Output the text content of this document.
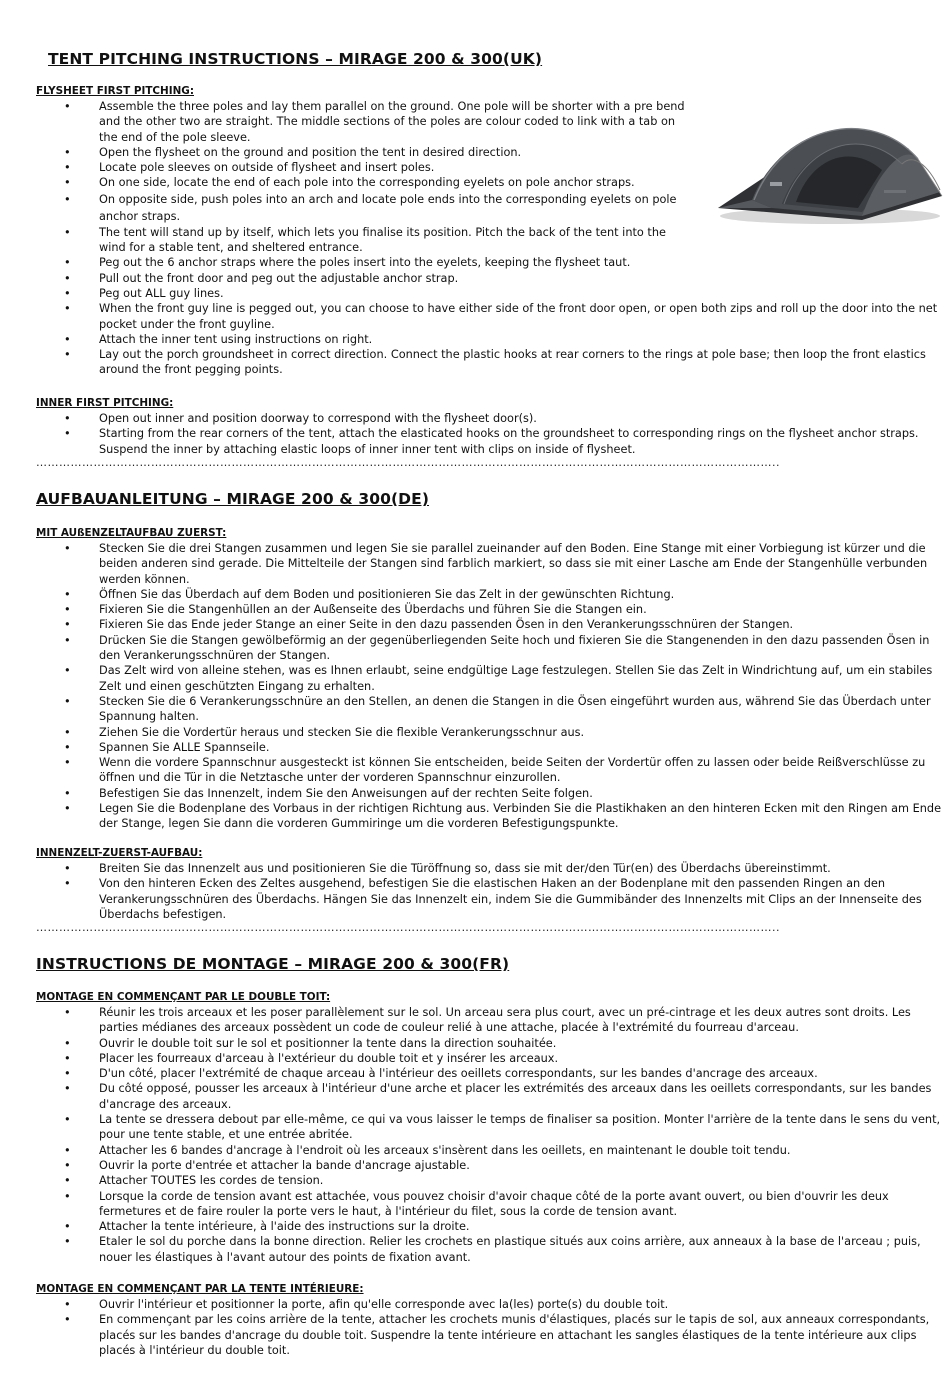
TENT PITCHING INSTRUCTIONS – MIRAGE 200 & 300(UK)
FLYSHEET FIRST PITCHING:
• Assemble the three poles and lay them parallel on the ground. One pole will be shorter with a pre bend and the other two are straight. The middle sections of the poles are colour coded to link with a tab on the end of the pole sleeve.
• Open the flysheet on the ground and position the tent in desired direction.
• Locate pole sleeves on outside of flysheet and insert poles.
• On one side, locate the end of each pole into the corresponding eyelets on pole anchor straps.
• On opposite side, push poles into an arch and locate pole ends into the corresponding eyelets on pole anchor straps.
• The tent will stand up by itself, which lets you finalise its position. Pitch the back of the tent into the wind for a stable tent, and sheltered entrance.
• Peg out the 6 anchor straps where the poles insert into the eyelets, keeping the flysheet taut.
• Pull out the front door and peg out the adjustable anchor strap.
• Peg out ALL guy lines.
• When the front guy line is pegged out, you can choose to have either side of the front door open, or open both zips and roll up the door into the net pocket under the front guyline.
• Attach the inner tent using instructions on right.
• Lay out the porch groundsheet in correct direction. Connect the plastic hooks at rear corners to the rings at pole base; then loop the front elastics around the front pegging points.
INNER FIRST PITCHING:
• Open out inner and position doorway to correspond with the flysheet door(s).
• Starting from the rear corners of the tent, attach the elasticated hooks on the groundsheet to corresponding rings on the flysheet anchor straps. Suspend the inner by attaching elastic loops of inner inner tent with clips on inside of flysheet.
…………………………………………………………………………………………………………………………………………………………………………..
AUFBAUANLEITUNG – MIRAGE 200 & 300(DE)
MIT AUßENZELTAUFBAU ZUERST:
• Stecken Sie die drei Stangen zusammen und legen Sie sie parallel zueinander auf den Boden. Eine Stange mit einer Vorbiegung ist kürzer und die beiden anderen sind gerade. Die Mittelteile der Stangen sind farblich markiert, so dass sie mit einer Lasche am Ende der Stangenhülle verbunden werden können.
• Öffnen Sie das Überdach auf dem Boden und positionieren Sie das Zelt in der gewünschten Richtung.
• Fixieren Sie die Stangenhüllen an der Außenseite des Überdachs und führen Sie die Stangen ein.
• Fixieren Sie das Ende jeder Stange an einer Seite in den dazu passenden Ösen in den Verankerungsschnüren der Stangen.
• Drücken Sie die Stangen gewölbeförmig an der gegenüberliegenden Seite hoch und fixieren Sie die Stangenenden in den dazu passenden Ösen in den Verankerungsschnüren der Stangen.
• Das Zelt wird von alleine stehen, was es Ihnen erlaubt, seine endgültige Lage festzulegen. Stellen Sie das Zelt in Windrichtung auf, um ein stabiles Zelt und einen geschützten Eingang zu erhalten.
• Stecken Sie die 6 Verankerungsschnüre an den Stellen, an denen die Stangen in die Ösen eingeführt wurden aus, während Sie das Überdach unter Spannung halten.
• Ziehen Sie die Vordertür heraus und stecken Sie die flexible Verankerungsschnur aus.
• Spannen Sie ALLE Spannseile.
• Wenn die vordere Spannschnur ausgesteckt ist können Sie entscheiden, beide Seiten der Vordertür offen zu lassen oder beide Reißverschlüsse zu öffnen und die Tür in die Netztasche unter der vorderen Spannschnur einzurollen.
• Befestigen Sie das Innenzelt, indem Sie den Anweisungen auf der rechten Seite folgen.
• Legen Sie die Bodenplane des Vorbaus in der richtigen Richtung aus. Verbinden Sie die Plastikhaken an den hinteren Ecken mit den Ringen am Ende der Stange, legen Sie dann die vorderen Gummiringe um die vorderen Befestigungspunkte.
INNENZELT-ZUERST-AUFBAU:
• Breiten Sie das Innenzelt aus und positionieren Sie die Türöffnung so, dass sie mit der/den Tür(en) des Überdachs übereinstimmt.
• Von den hinteren Ecken des Zeltes ausgehend, befestigen Sie die elastischen Haken an der Bodenplane mit den passenden Ringen an den Verankerungsschnüren des Überdachs. Hängen Sie das Innenzelt ein, indem Sie die Gummibänder des Innenzelts mit Clips an der Innenseite des Überdachs befestigen.
…………………………………………………………………………………………………………………………………………………………………………..
INSTRUCTIONS DE MONTAGE – MIRAGE 200 & 300(FR)
MONTAGE EN COMMENÇANT PAR LE DOUBLE TOIT:
• Réunir les trois arceaux et les poser parallèlement sur le sol. Un arceau sera plus court, avec un pré-cintrage et les deux autres sont droits. Les parties médianes des arceaux possèdent un code de couleur relié à une attache, placée à l'extrémité du fourreau d'arceau.
• Ouvrir le double toit sur le sol et positionner la tente dans la direction souhaitée.
• Placer les fourreaux d'arceau à l'extérieur du double toit et y insérer les arceaux.
• D'un côté, placer l'extrémité de chaque arceau à l'intérieur des oeillets correspondants, sur les bandes d'ancrage des arceaux.
• Du côté opposé, pousser les arceaux à l'intérieur d'une arche et placer les extrémités des arceaux dans les oeillets correspondants, sur les bandes d'ancrage des arceaux.
• La tente se dressera debout par elle-même, ce qui va vous laisser le temps de finaliser sa position. Monter l'arrière de la tente dans le sens du vent, pour une tente stable, et une entrée abritée.
• Attacher les 6 bandes d'ancrage à l'endroit où les arceaux s'insèrent dans les oeillets, en maintenant le double toit tendu.
• Ouvrir la porte d'entrée et attacher la bande d'ancrage ajustable.
• Attacher TOUTES les cordes de tension.
• Lorsque la corde de tension avant est attachée, vous pouvez choisir d'avoir chaque côté de la porte avant ouvert, ou bien d'ouvrir les deux fermetures et de faire rouler la porte vers le haut, à l'intérieur du filet, sous la corde de tension avant.
• Attacher la tente intérieure, à l'aide des instructions sur la droite.
• Etaler le sol du porche dans la bonne direction. Relier les crochets en plastique situés aux coins arrière, aux anneaux à la base de l'arceau ; puis, nouer les élastiques à l'avant autour des points de fixation avant.
MONTAGE EN COMMENÇANT PAR LA TENTE INTÉRIEURE:
• Ouvrir l'intérieur et positionner la porte, afin qu'elle corresponde avec la(les) porte(s) du double toit.
• En commençant par les coins arrière de la tente, attacher les crochets munis d'élastiques, placés sur le tapis de sol, aux anneaux correspondants, placés sur les bandes d'ancrage du double toit. Suspendre la tente intérieure en attachant les sangles élastiques de la tente intérieure aux clips placés à l'intérieur du double toit.
